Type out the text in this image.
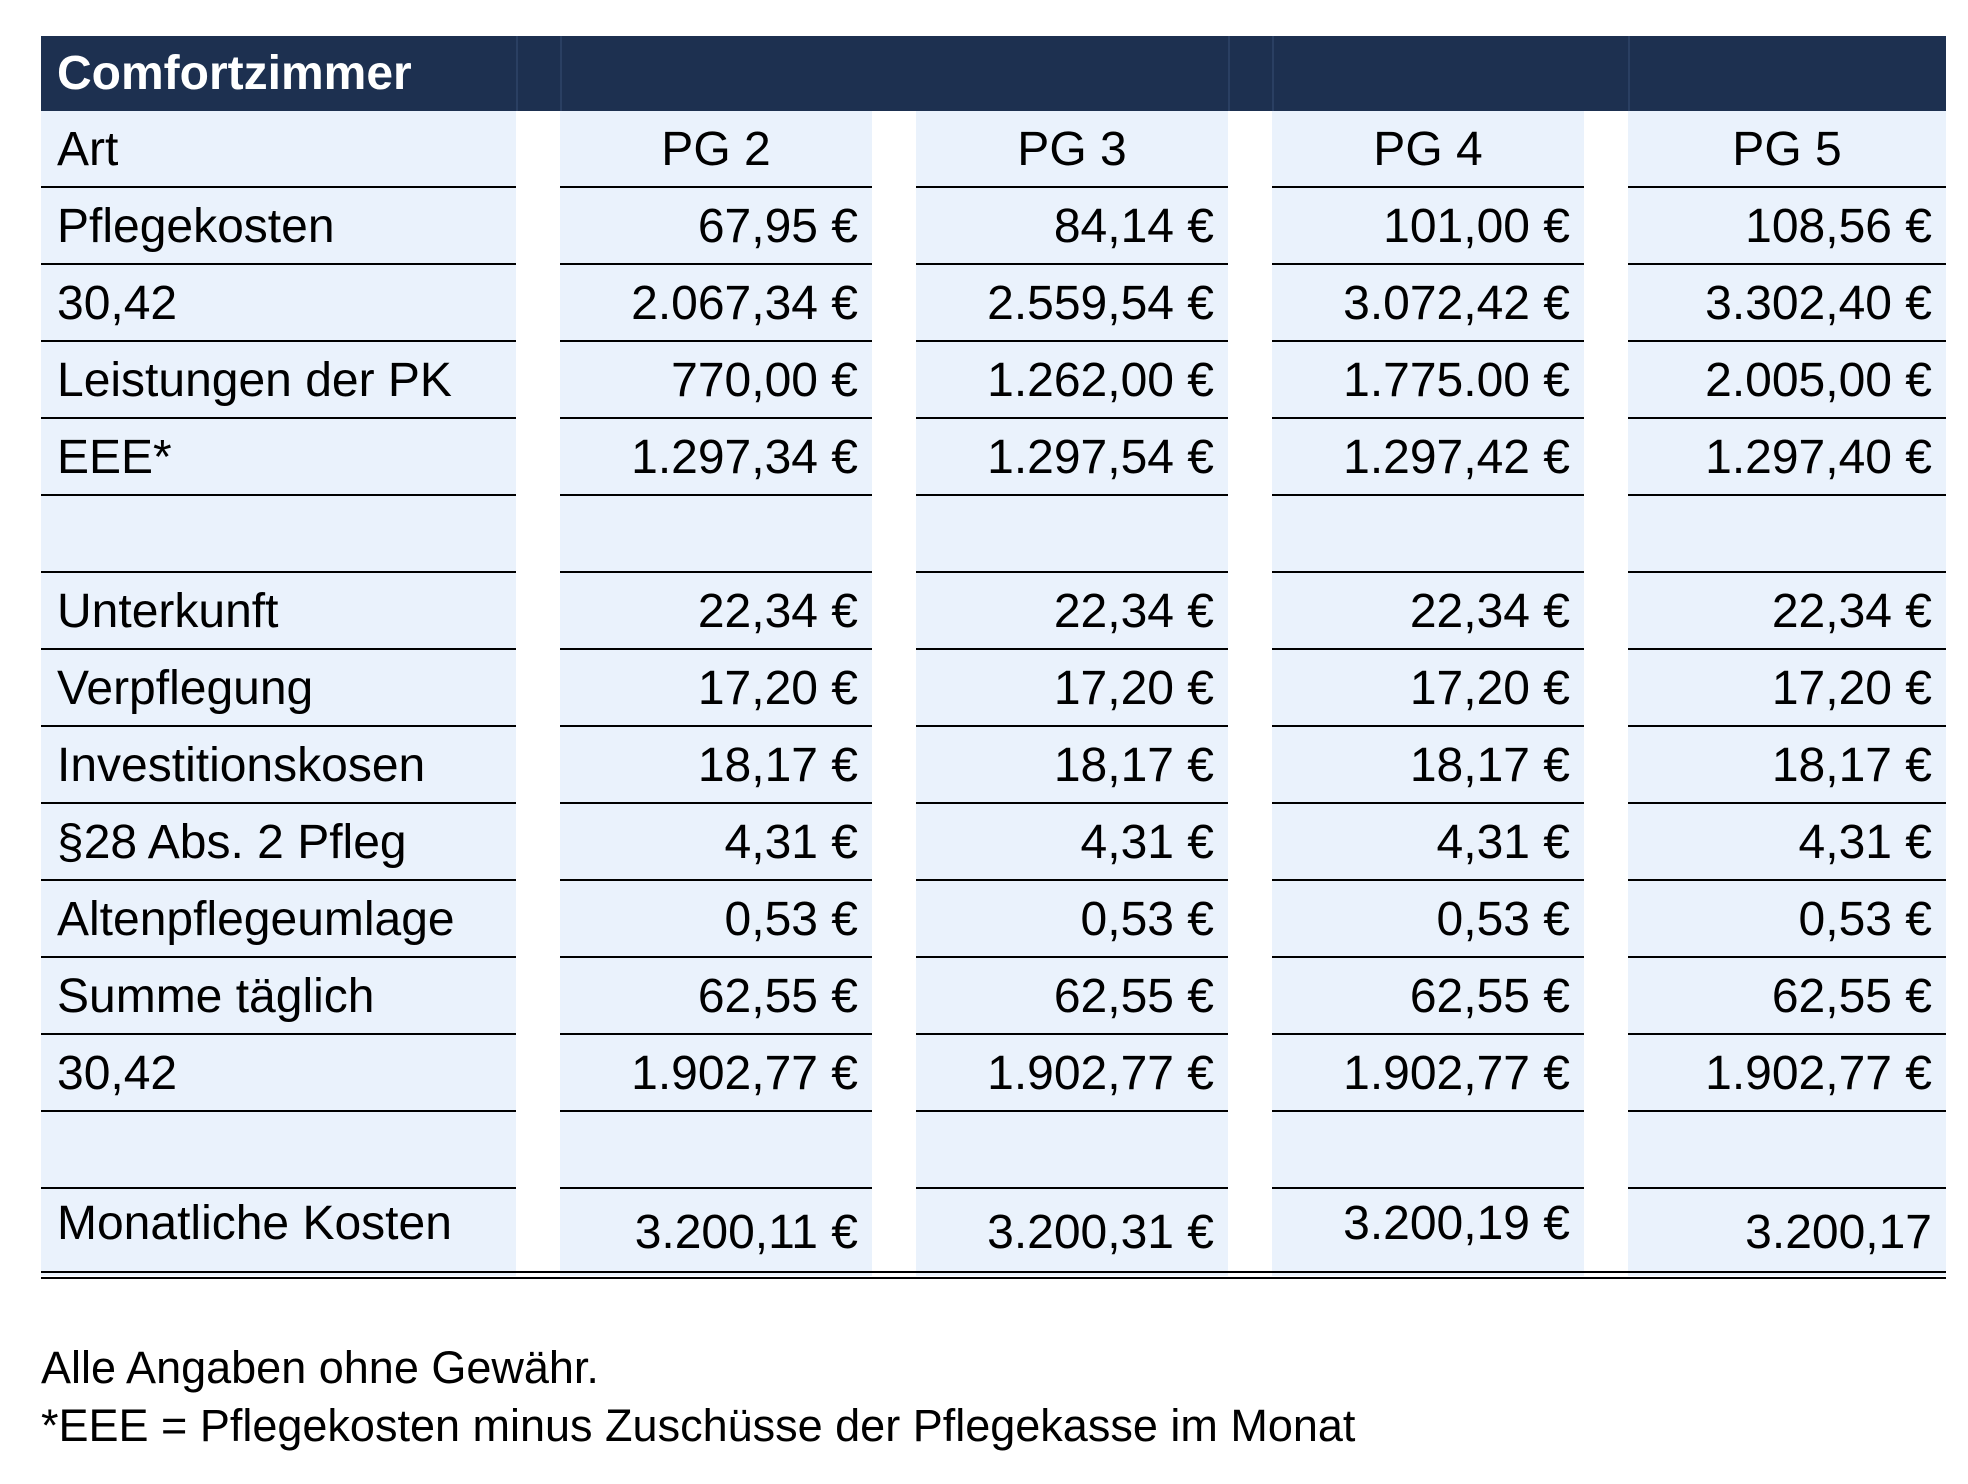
Comfortzimmer
Art	PG 2	PG 3	PG 4	PG 5
Pflegekosten	67,95 €	84,14 €	101,00 €	108,56 €
30,42	2.067,34 €	2.559,54 €	3.072,42 €	3.302,40 €
Leistungen der PK	770,00 €	1.262,00 €	1.775.00 €	2.005,00 €
EEE*	1.297,34 €	1.297,54 €	1.297,42 €	1.297,40 €
Unterkunft	22,34 €	22,34 €	22,34 €	22,34 €
Verpflegung	17,20 €	17,20 €	17,20 €	17,20 €
Investitionskosen	18,17 €	18,17 €	18,17 €	18,17 €
§28 Abs. 2 Pfleg	4,31 €	4,31 €	4,31 €	4,31 €
Altenpflegeumlage	0,53 €	0,53 €	0,53 €	0,53 €
Summe täglich	62,55 €	62,55 €	62,55 €	62,55 €
30,42	1.902,77 €	1.902,77 €	1.902,77 €	1.902,77 €
Monatliche Kosten	3.200,11 €	3.200,31 €	3.200,19 €	3.200,17
Alle Angaben ohne Gewähr.
*EEE = Pflegekosten minus Zuschüsse der Pflegekasse im Monat
